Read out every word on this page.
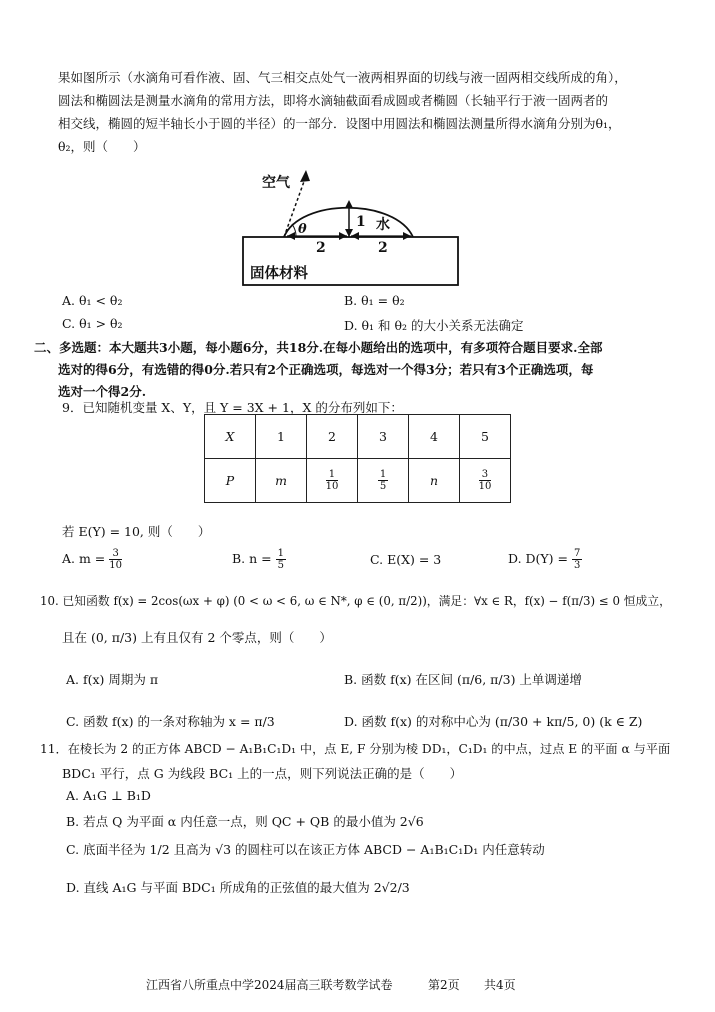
果如图所示（水滴角可看作液、固、气三相交点处气一液两相界面的切线与液一固两相交线所成的角），
圆法和椭圆法是测量水滴角的常用方法，即将水滴轴截面看成圆或者椭圆（长轴平行于液一固两者的
相交线，椭圆的短半轴长小于圆的半径）的一部分．设图中用圆法和椭圆法测量所得水滴角分别为θ₁，
θ₂，则（　　）
空气
θ	1 水
2	2
固体材料
A. θ₁ < θ₂	B. θ₁ = θ₂
C. θ₁ > θ₂	D. θ₁ 和 θ₂ 的大小关系无法确定
二、多选题：本大题共3小题，每小题6分，共18分.在每小题给出的选项中，有多项符合题目要求.全部
选对的得6分，有选错的得0分.若只有2个正确选项，每选对一个得3分；若只有3个正确选项，每
选对一个得2分.
9．已知随机变量 X、Y，且 Y = 3X + 1，X 的分布列如下：
X	1	2	3	4	5
P	m	$\frac{1}{10}$	$\frac{1}{5}$	n	$\frac{3}{10}$
若 E(Y) = 10, 则（　　）
A. $m = \frac{3}{10}$	B. $n = \frac{1}{5}$	C. E(X) = 3	D. $D(Y) = \frac{7}{3}$
10. 已知函数 f(x) = 2cos(ωx + φ) (0 < ω < 6, ω ∈ N*, φ ∈ (0, π/2))，满足：∀x ∈ R，f(x) − f(π/3) ≤ 0 恒成立，
且在 (0, π/3) 上有且仅有 2 个零点，则（　　）
A. f(x) 周期为 π	B. 函数 f(x) 在区间 (π/6, π/3) 上单调递增
C. 函数 f(x) 的一条对称轴为 x = π/3	D. 函数 f(x) 的对称中心为 (π/30 + kπ/5, 0) (k ∈ Z)
11．在棱长为 2 的正方体 ABCD − A₁B₁C₁D₁ 中，点 E, F 分别为棱 DD₁，C₁D₁ 的中点，过点 E 的平面 α 与平面
BDC₁ 平行，点 G 为线段 BC₁ 上的一点，则下列说法正确的是（　　）
A. A₁G ⊥ B₁D
B. 若点 Q 为平面 α 内任意一点，则 QC + QB 的最小值为 2√6
C. 底面半径为 1/2 且高为 √3 的圆柱可以在该正方体 ABCD − A₁B₁C₁D₁ 内任意转动
D. 直线 A₁G 与平面 BDC₁ 所成角的正弦值的最大值为 2√2/3
江西省八所重点中学2024届高三联考数学试卷	第2页 共4页
